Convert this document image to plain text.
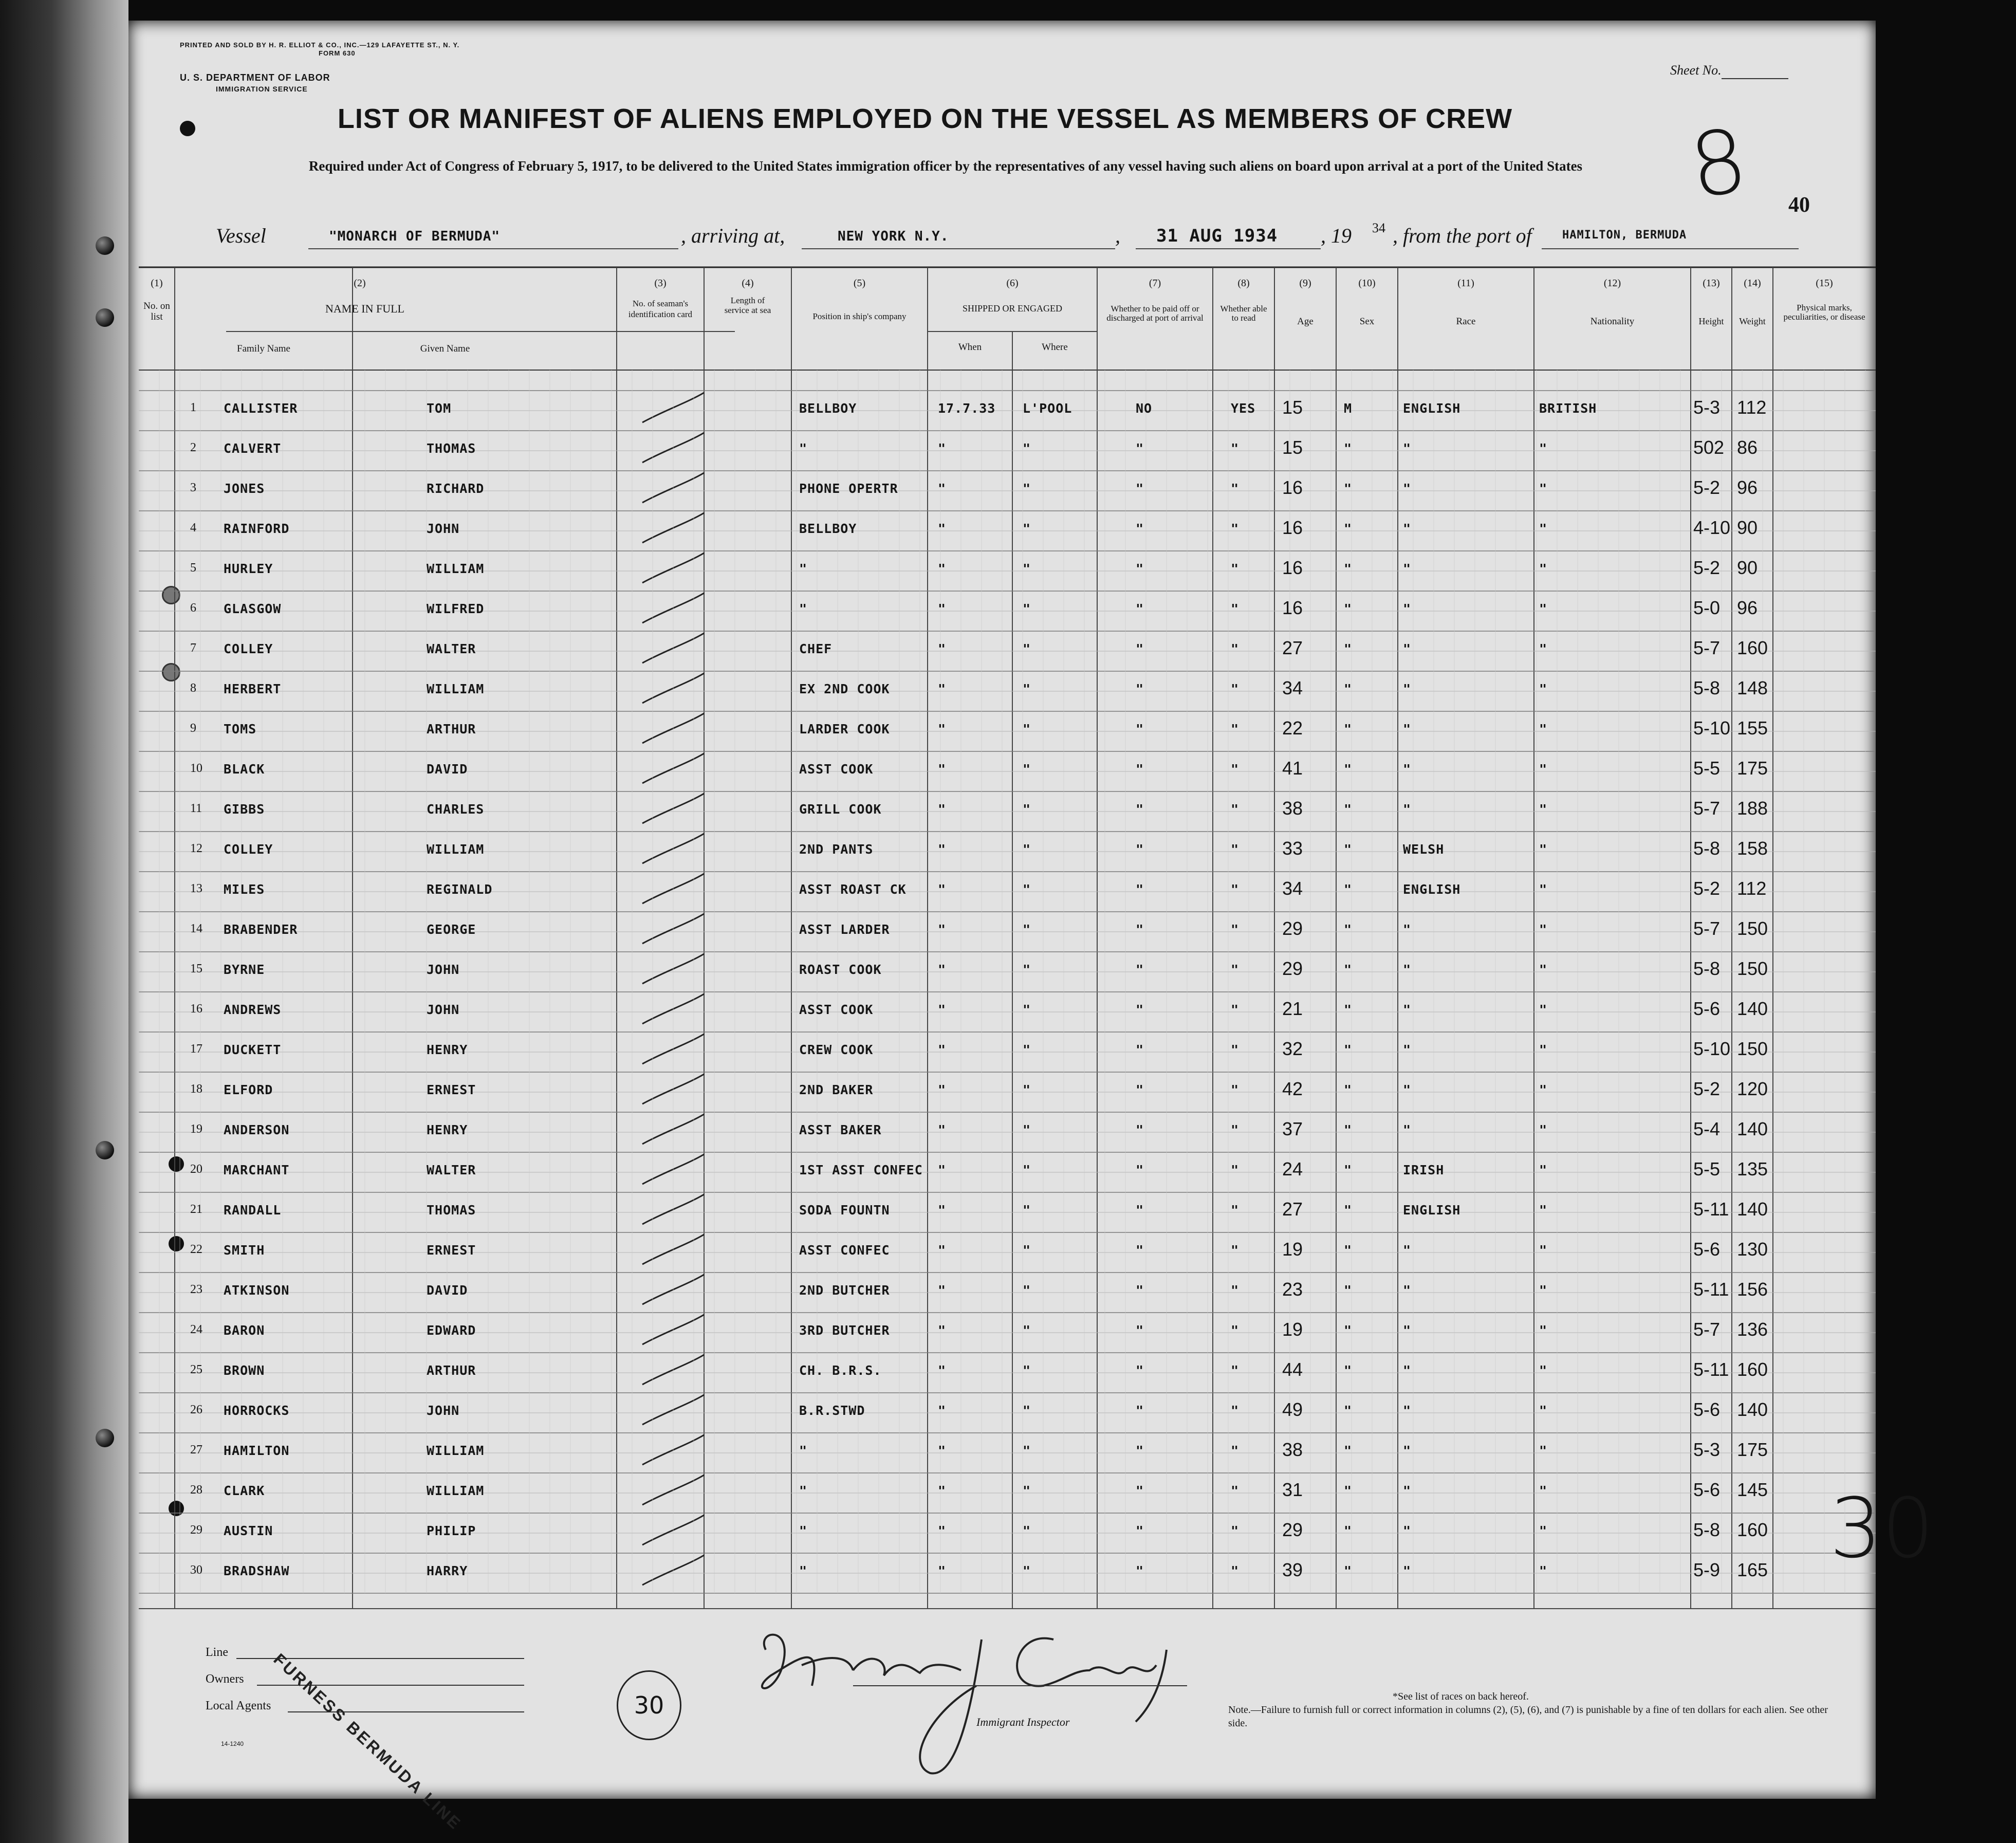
PRINTED AND SOLD BY H. R. ELLIOT & CO., INC.—129 LAFAYETTE ST., N. Y.
FORM 630
U. S. DEPARTMENT OF LABOR
IMMIGRATION SERVICE
Sheet No.
8 40
LIST OR MANIFEST OF ALIENS EMPLOYED ON THE VESSEL AS MEMBERS OF CREW
Required under Act of Congress of February 5, 1917, to be delivered to the United States immigration officer by the representatives of any vessel having such aliens on board upon arrival at a port of the United States
Vessel	"MONARCH OF BERMUDA"	, arriving at,	NEW YORK N.Y.	, 31 AUG 1934 , 19 34 , from the port of	HAMILTON, BERMUDA
(1)
No. on list
(2)
NAME IN FULL
Family Name	Given Name
(3)
No. of seaman's identification card
(4)
Length of service at sea
(5)
Position in ship's company
(6)
SHIPPED OR ENGAGED
When	Where
(7)
Whether to be paid off or discharged at port of arrival
(8)
Whether able to read
(9)
Age
(10)
Sex
(11)
Race
(12)
Nationality
(13)
Height
(14)
Weight
(15)
Physical marks, peculiarities, or disease
1 CALLISTER	TOM	BELLBOY	17.7.33 L'POOL	NO	YES 15	M	ENGLISH	BRITISH	5-3 112
2 CALVERT	THOMAS	"	"	"	"	" 15	"	"	"	502 86
3 JONES	RICHARD	PHONE OPERTR	"	"	"	" 16	"	"	"	5-2 96
4 RAINFORD	JOHN	BELLBOY	"	"	"	" 16	"	"	"	4-10 90
5 HURLEY	WILLIAM	"	"	"	"	" 16	"	"	"	5-2 90
6 GLASGOW	WILFRED	"	"	"	"	" 16	"	"	"	5-0 96
7 COLLEY	WALTER	CHEF	"	"	"	" 27	"	"	"	5-7 160
8 HERBERT	WILLIAM	EX 2ND COOK	"	"	"	" 34	"	"	"	5-8 148
9 TOMS	ARTHUR	LARDER COOK	"	"	"	" 22	"	"	"	5-10 155
10 BLACK	DAVID	ASST COOK	"	"	"	" 41	"	"	"	5-5 175
11 GIBBS	CHARLES	GRILL COOK	"	"	"	" 38	"	"	"	5-7 188
12 COLLEY	WILLIAM	2ND PANTS	"	"	"	" 33	"	WELSH	"	5-8 158
13 MILES	REGINALD	ASST ROAST CK "	"	"	" 34	"	ENGLISH	"	5-2 112
14 BRABENDER	GEORGE	ASST LARDER	"	"	"	" 29	"	"	"	5-7 150
15 BYRNE	JOHN	ROAST COOK	"	"	"	" 29	"	"	"	5-8 150
16 ANDREWS	JOHN	ASST COOK	"	"	"	" 21	"	"	"	5-6 140
17 DUCKETT	HENRY	CREW COOK	"	"	"	" 32	"	"	"	5-10 150
18 ELFORD	ERNEST	2ND BAKER	"	"	"	" 42	"	"	"	5-2 120
19 ANDERSON	HENRY	ASST BAKER	"	"	"	" 37	"	"	"	5-4 140
20 MARCHANT	WALTER	1ST ASST CONFEC "	"	"	" 24	"	IRISH	"	5-5 135
21 RANDALL	THOMAS	SODA FOUNTN	"	"	"	" 27	"	ENGLISH	"	5-11 140
22 SMITH	ERNEST	ASST CONFEC	"	"	"	" 19	"	"	"	5-6 130
23 ATKINSON	DAVID	2ND BUTCHER	"	"	"	" 23	"	"	"	5-11 156
24 BARON	EDWARD	3RD BUTCHER	"	"	"	" 19	"	"	"	5-7 136
25 BROWN	ARTHUR	CH. B.R.S.	"	"	"	" 44	"	"	"	5-11 160
26 HORROCKS	JOHN	B.R.STWD	"	"	"	" 49	"	"	"	5-6 140
27 HAMILTON	WILLIAM	"	"	"	"	" 38	"	"	"	5-3 175
28 CLARK	WILLIAM	"	"	"	"	" 31	"	"	"	5-6 145
29 AUSTIN	PHILIP	"	"	"	"	" 29	"	"	"	5-8 160
30 BRADSHAW	HARRY	"	"	"	"	" 39	"	"	"	5-9 165 30
Line
Owners
Local Agents
14-1240 FURNESS BERMUDA LINE	30
Immigrant Inspector
*See list of races on back hereof.
Note.—Failure to furnish full or correct information in columns (2), (5), (6), and (7) is punishable by a fine of ten dollars for each alien. See other side.
